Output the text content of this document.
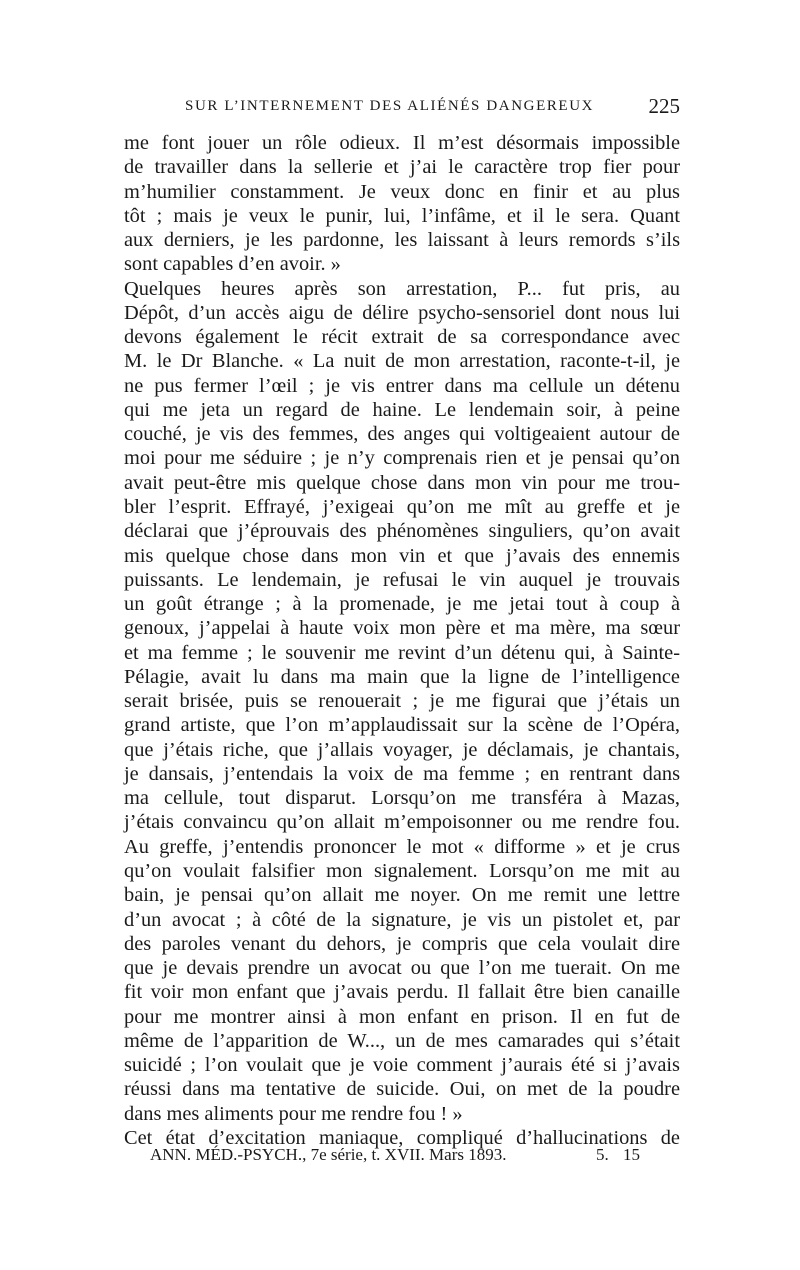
SUR L’INTERNEMENT DES ALIÉNÉS DANGEREUX	225
me font jouer un rôle odieux. Il m’est désormais impossible
de travailler dans la sellerie et j’ai le caractère trop fier pour
m’humilier constamment. Je veux donc en finir et au plus
tôt ; mais je veux le punir, lui, l’infâme, et il le sera. Quant
aux derniers, je les pardonne, les laissant à leurs remords s’ils
sont capables d’en avoir. »
Quelques heures après son arrestation, P... fut pris, au
Dépôt, d’un accès aigu de délire psycho-sensoriel dont nous lui
devons également le récit extrait de sa correspondance avec
M. le Dr Blanche. « La nuit de mon arrestation, raconte-t-il, je
ne pus fermer l’œil ; je vis entrer dans ma cellule un détenu
qui me jeta un regard de haine. Le lendemain soir, à peine
couché, je vis des femmes, des anges qui voltigeaient autour de
moi pour me séduire ; je n’y comprenais rien et je pensai qu’on
avait peut-être mis quelque chose dans mon vin pour me trou-
bler l’esprit. Effrayé, j’exigeai qu’on me mît au greffe et je
déclarai que j’éprouvais des phénomènes singuliers, qu’on avait
mis quelque chose dans mon vin et que j’avais des ennemis
puissants. Le lendemain, je refusai le vin auquel je trouvais
un goût étrange ; à la promenade, je me jetai tout à coup à
genoux, j’appelai à haute voix mon père et ma mère, ma sœur
et ma femme ; le souvenir me revint d’un détenu qui, à Sainte-
Pélagie, avait lu dans ma main que la ligne de l’intelligence
serait brisée, puis se renouerait ; je me figurai que j’étais un
grand artiste, que l’on m’applaudissait sur la scène de l’Opéra,
que j’étais riche, que j’allais voyager, je déclamais, je chantais,
je dansais, j’entendais la voix de ma femme ; en rentrant dans
ma cellule, tout disparut. Lorsqu’on me transféra à Mazas,
j’étais convaincu qu’on allait m’empoisonner ou me rendre fou.
Au greffe, j’entendis prononcer le mot « difforme » et je crus
qu’on voulait falsifier mon signalement. Lorsqu’on me mit au
bain, je pensai qu’on allait me noyer. On me remit une lettre
d’un avocat ; à côté de la signature, je vis un pistolet et, par
des paroles venant du dehors, je compris que cela voulait dire
que je devais prendre un avocat ou que l’on me tuerait. On me
fit voir mon enfant que j’avais perdu. Il fallait être bien canaille
pour me montrer ainsi à mon enfant en prison. Il en fut de
même de l’apparition de W..., un de mes camarades qui s’était
suicidé ; l’on voulait que je voie comment j’aurais été si j’avais
réussi dans ma tentative de suicide. Oui, on met de la poudre
dans mes aliments pour me rendre fou ! »
Cet état d’excitation maniaque, compliqué d’hallucinations de
ANN. MÉD.-PSYCH., 7e série, t. XVII. Mars 1893.	5. 15
